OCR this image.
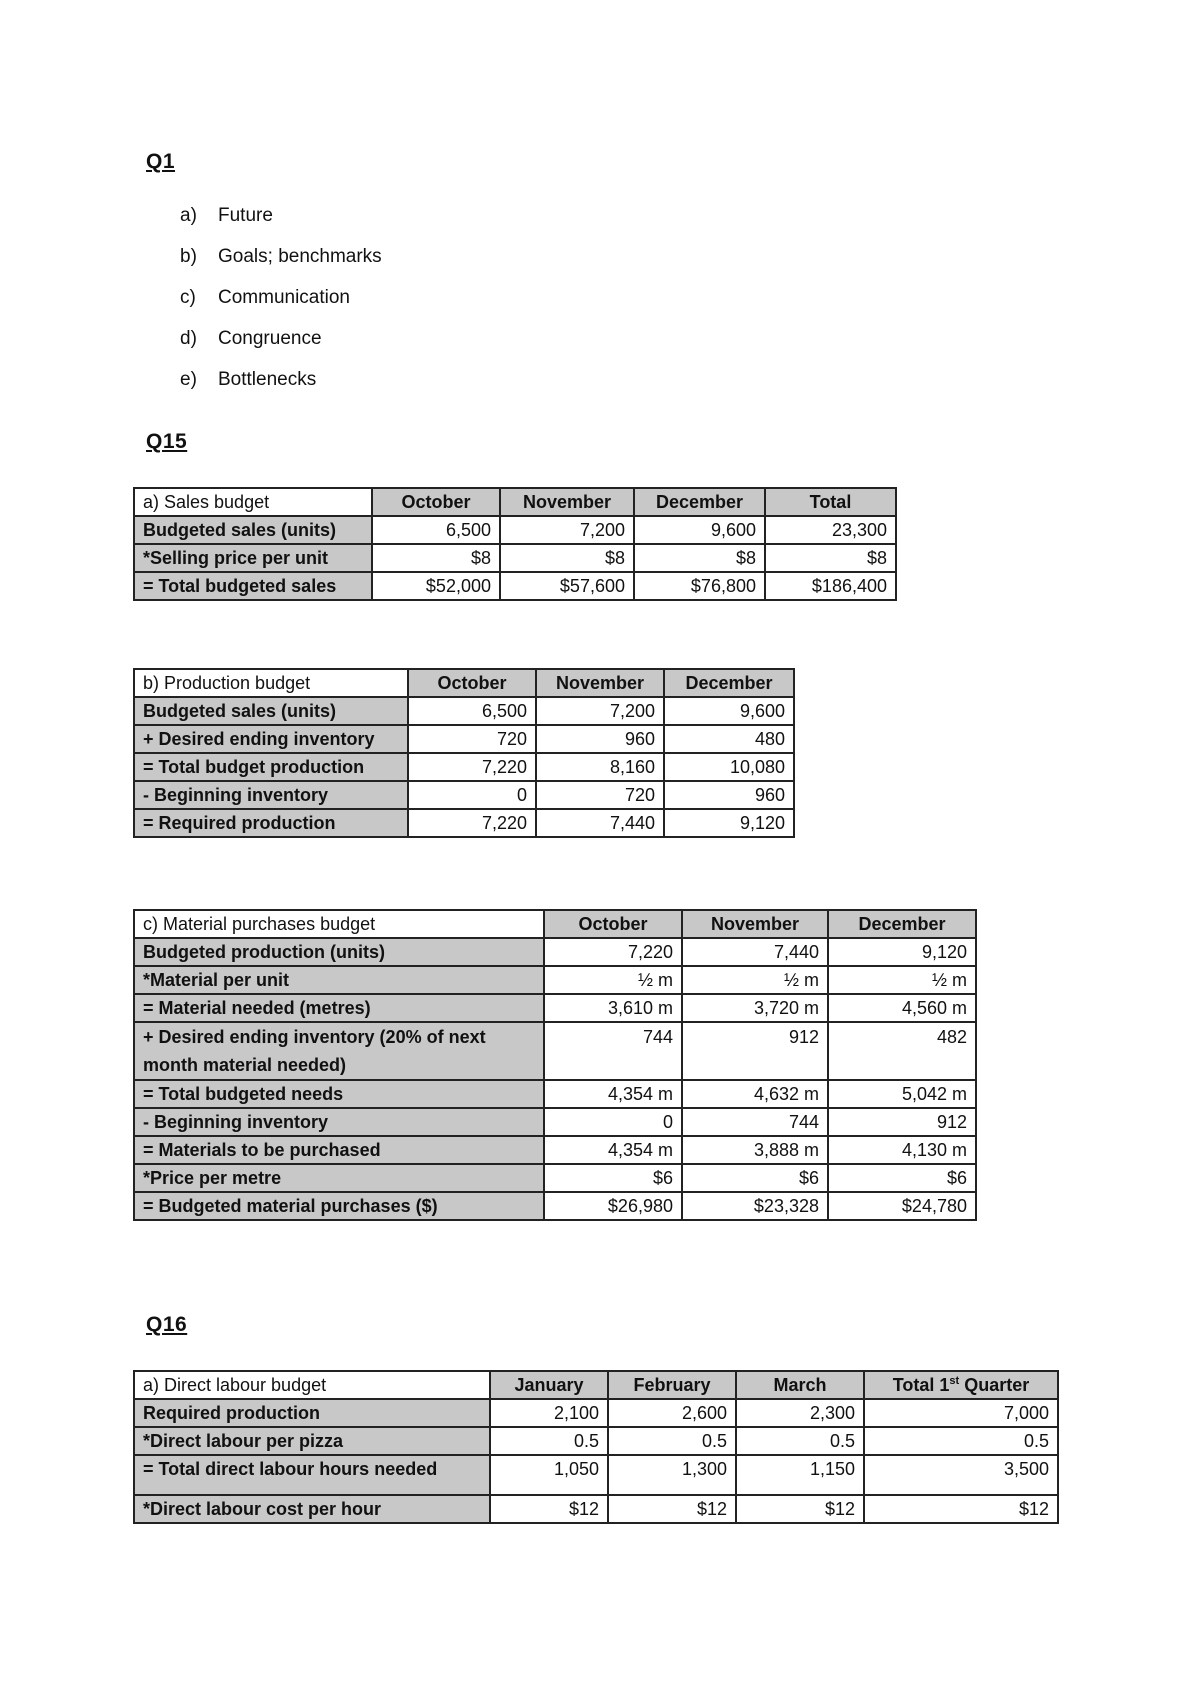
Q1
a)	Future
b)	Goals; benchmarks
c)	Communication
d)	Congruence
e)	Bottlenecks
Q15
a) Sales budget	October	November	December	Total
Budgeted sales (units)	6,500	7,200	9,600	23,300
*Selling price per unit	$8	$8	$8	$8
= Total budgeted sales	$52,000	$57,600	$76,800	$186,400
b) Production budget	October	November	December
Budgeted sales (units)	6,500	7,200	9,600
+ Desired ending inventory	720	960	480
= Total budget production	7,220	8,160	10,080
- Beginning inventory	0	720	960
= Required production	7,220	7,440	9,120
c) Material purchases budget	October	November	December
Budgeted production (units)	7,220	7,440	9,120
*Material per unit	½ m	½ m	½ m
= Material needed (metres)	3,610 m	3,720 m	4,560 m
+ Desired ending inventory (20% of next month material needed)	744	912	482
= Total budgeted needs	4,354 m	4,632 m	5,042 m
- Beginning inventory	0	744	912
= Materials to be purchased	4,354 m	3,888 m	4,130 m
*Price per metre	$6	$6	$6
= Budgeted material purchases ($)	$26,980	$23,328	$24,780
Q16
a) Direct labour budget	January	February	March	Total 1st Quarter
Required production	2,100	2,600	2,300	7,000
*Direct labour per pizza	0.5	0.5	0.5	0.5
= Total direct labour hours needed	1,050	1,300	1,150	3,500
*Direct labour cost per hour	$12	$12	$12	$12
